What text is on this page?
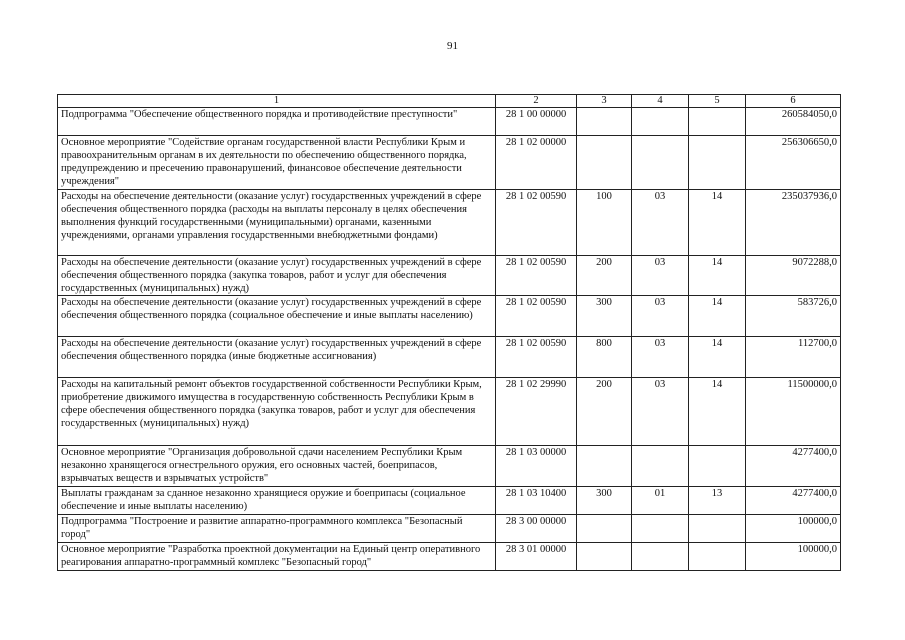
91
1	2	3	4	5	6
Подпрограмма "Обеспечение общественного порядка и противодействие преступности"	28 1 00 00000				260584050,0
Основное мероприятие "Содействие органам государственной власти Республики Крым и правоохранительным органам в их деятельности по обеспечению общественного порядка, предупреждению и пресечению правонарушений, финансовое обеспечение деятельности учреждения"	28 1 02 00000				256306650,0
Расходы на обеспечение деятельности (оказание услуг) государственных учреждений в сфере обеспечения общественного порядка (расходы на выплаты персоналу в целях обеспечения выполнения функций государственными (муниципальными) органами, казенными учреждениями, органами управления государственными внебюджетными фондами)	28 1 02 00590	100	03	14	235037936,0
Расходы на обеспечение деятельности (оказание услуг) государственных учреждений в сфере обеспечения общественного порядка (закупка товаров, работ и услуг для обеспечения государственных (муниципальных) нужд)	28 1 02 00590	200	03	14	9072288,0
Расходы на обеспечение деятельности (оказание услуг) государственных учреждений в сфере обеспечения общественного порядка (социальное обеспечение и иные выплаты населению)	28 1 02 00590	300	03	14	583726,0
Расходы на обеспечение деятельности (оказание услуг) государственных учреждений в сфере обеспечения общественного порядка (иные бюджетные ассигнования)	28 1 02 00590	800	03	14	112700,0
Расходы на капитальный ремонт объектов государственной собственности Республики Крым, приобретение движимого имущества в государственную собственность Республики Крым в сфере обеспечения общественного порядка (закупка товаров, работ и услуг для обеспечения государственных (муниципальных) нужд)	28 1 02 29990	200	03	14	11500000,0
Основное мероприятие "Организация добровольной сдачи населением Республики Крым незаконно хранящегося огнестрельного оружия, его основных частей, боеприпасов, взрывчатых веществ и взрывчатых устройств"	28 1 03 00000				4277400,0
Выплаты гражданам за сданное незаконно хранящиеся оружие и боеприпасы (социальное обеспечение и иные выплаты населению)	28 1 03 10400	300	01	13	4277400,0
Подпрограмма "Построение и развитие аппаратно-программного комплекса "Безопасный город"	28 3 00 00000				100000,0
Основное мероприятие "Разработка проектной документации на Единый центр оперативного реагирования аппаратно-программный комплекс "Безопасный город"	28 3 01 00000				100000,0
